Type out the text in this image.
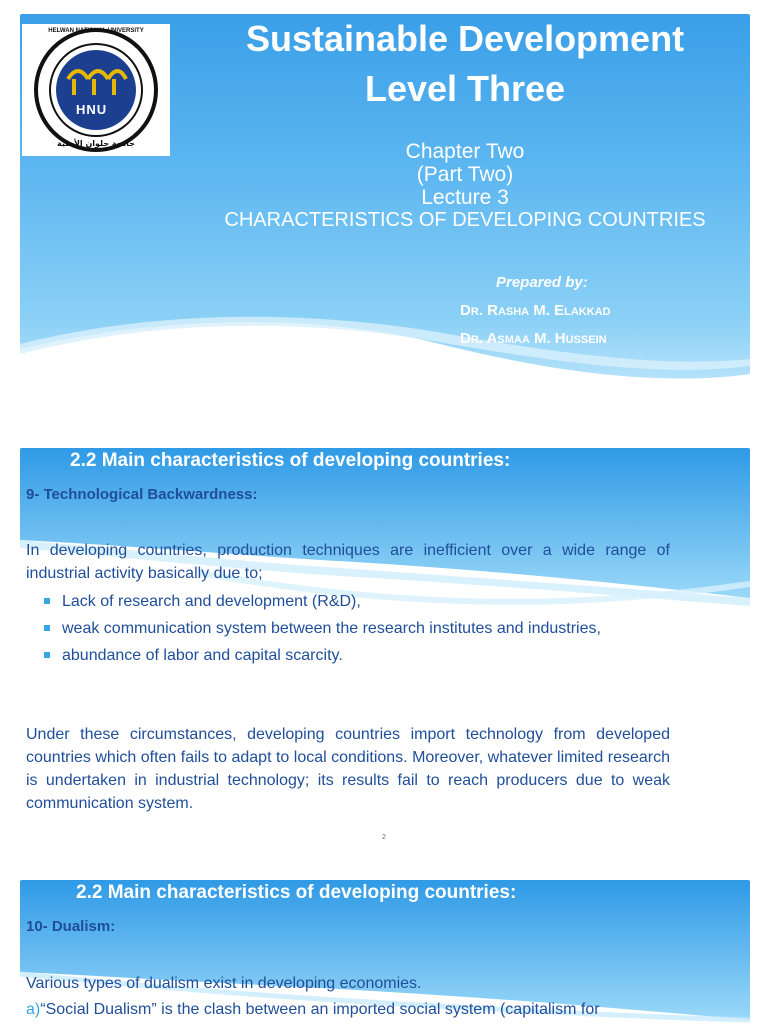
HNU
HELWAN NATIONAL UNIVERSITY
جامعة حلوان الأهلية
Sustainable Development
Level Three
Chapter Two
(Part Two)
Lecture 3
CHARACTERISTICS OF DEVELOPING COUNTRIES
Prepared by:
Dr. Rasha M. Elakkad
Dr. Asmaa M. Hussein
2.2 Main characteristics of developing countries:
9- Technological Backwardness:
In developing countries, production techniques are inefficient over a wide range of industrial activity basically due to;
Lack of research and development (R&D),
weak communication system between the research institutes and industries,
abundance of labor and capital scarcity.
Under these circumstances, developing countries import technology from developed countries which often fails to adapt to local conditions. Moreover, whatever limited research is undertaken in industrial technology; its results fail to reach producers due to weak communication system.
2
2.2 Main characteristics of developing countries:
10- Dualism:
Various types of dualism exist in developing economies.
a)“Social Dualism” is the clash between an imported social system (capitalism for
